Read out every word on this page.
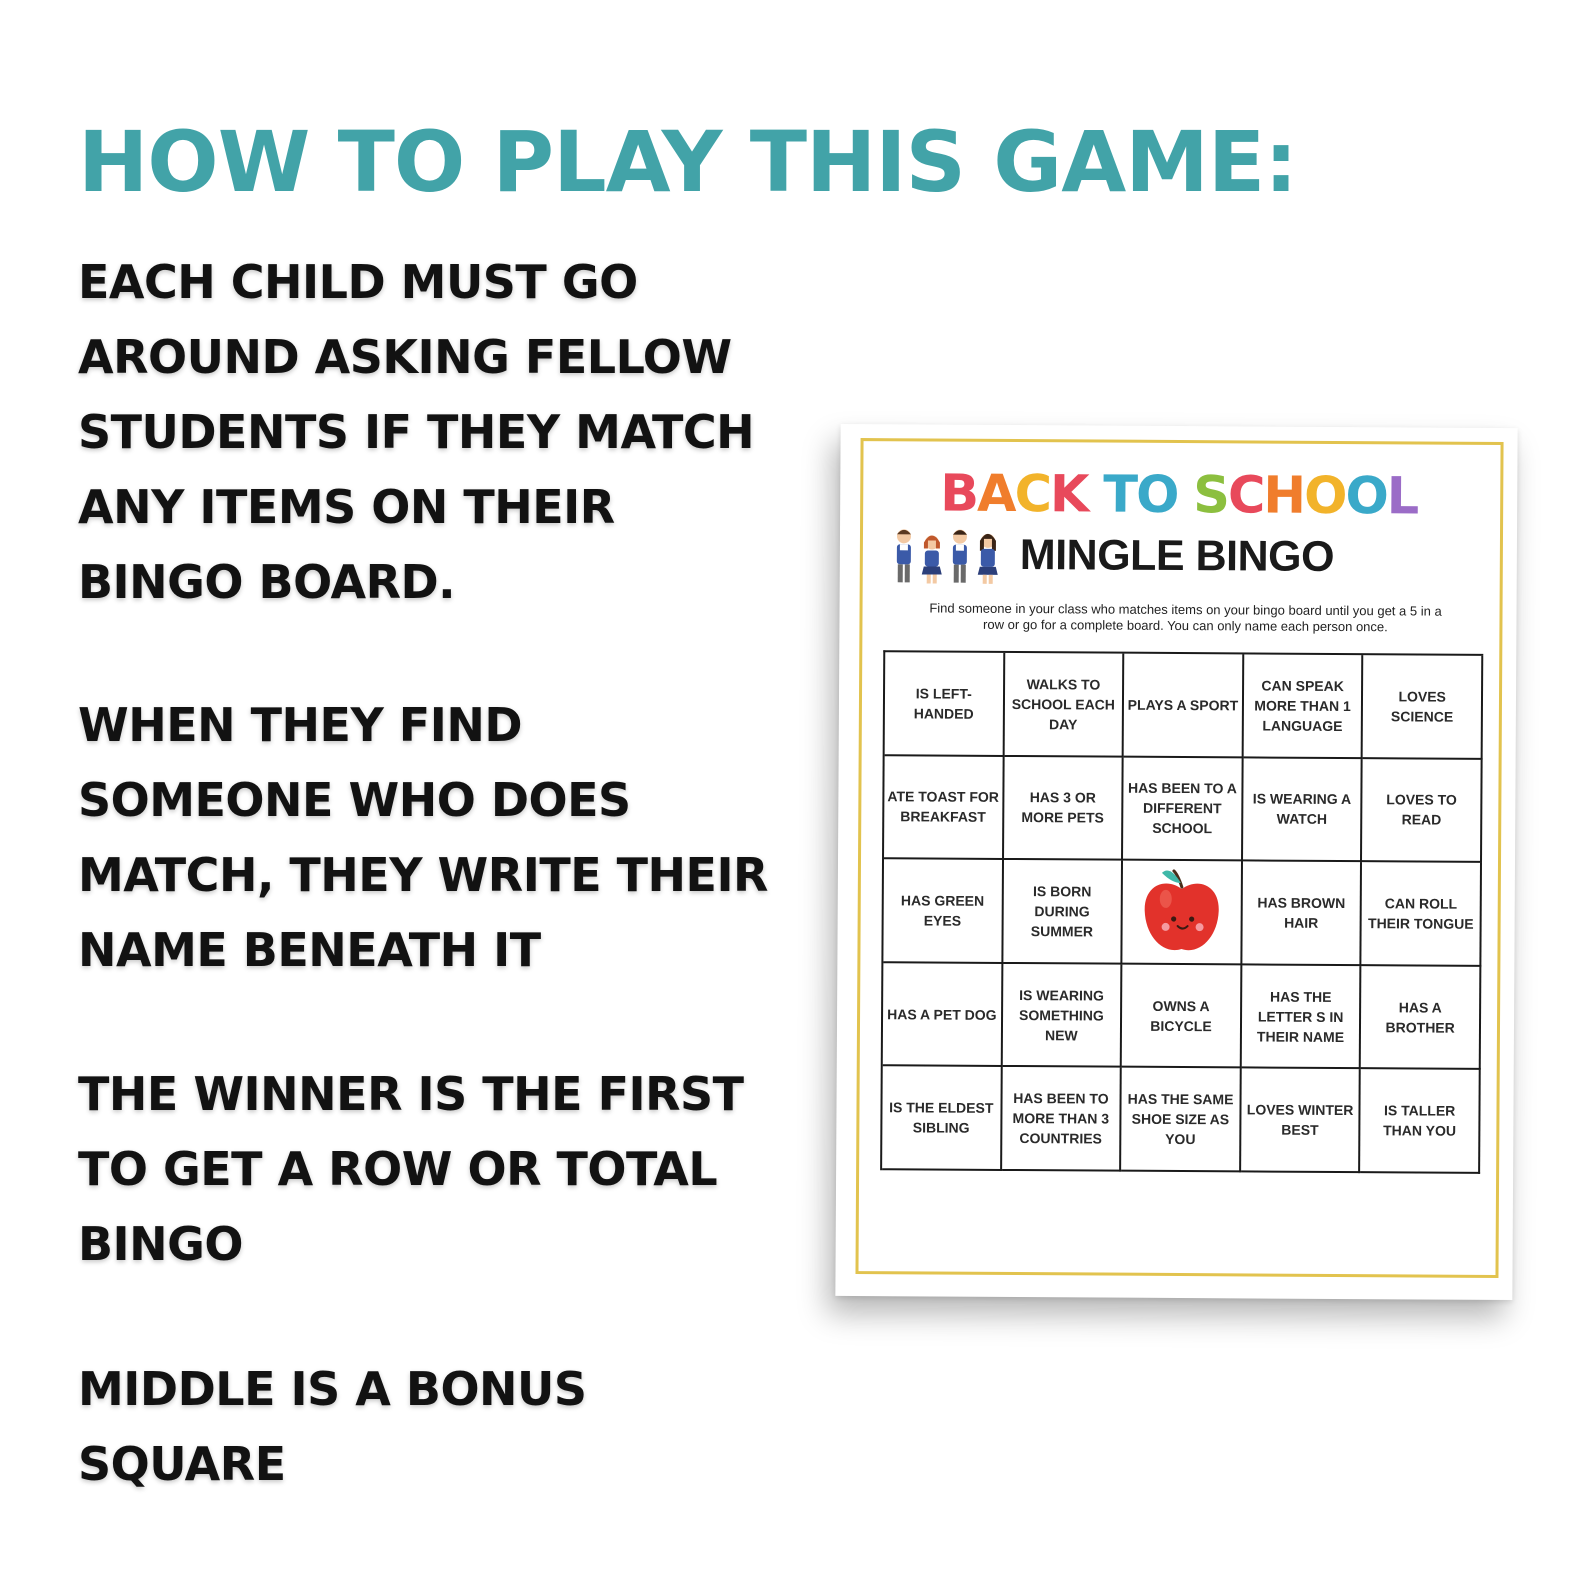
HOW TO PLAY THIS GAME:
EACH CHILD MUST GO
AROUND ASKING FELLOW
STUDENTS IF THEY MATCH
ANY ITEMS ON THEIR
BINGO BOARD.
WHEN THEY FIND
SOMEONE WHO DOES
MATCH, THEY WRITE THEIR
NAME BENEATH IT
THE WINNER IS THE FIRST
TO GET A ROW OR TOTAL
BINGO
MIDDLE IS A BONUS
SQUARE
BACK TO SCHOOL
MINGLE BINGO
Find someone in your class who matches items on your bingo board until you get a 5 in a
row or go for a complete board. You can only name each person once.
IS LEFT- HANDED
WALKS TO SCHOOL EACH DAY
PLAYS A SPORT
CAN SPEAK MORE THAN 1 LANGUAGE
LOVES SCIENCE
ATE TOAST FOR BREAKFAST
HAS 3 OR MORE PETS
HAS BEEN TO A DIFFERENT SCHOOL
IS WEARING A WATCH
LOVES TO READ
HAS GREEN EYES
IS BORN DURING SUMMER
HAS BROWN HAIR
CAN ROLL THEIR TONGUE
HAS A PET DOG
IS WEARING SOMETHING NEW
OWNS A BICYCLE
HAS THE LETTER S IN THEIR NAME
HAS A BROTHER
IS THE ELDEST SIBLING
HAS BEEN TO MORE THAN 3 COUNTRIES
HAS THE SAME SHOE SIZE AS YOU
LOVES WINTER BEST
IS TALLER THAN YOU
